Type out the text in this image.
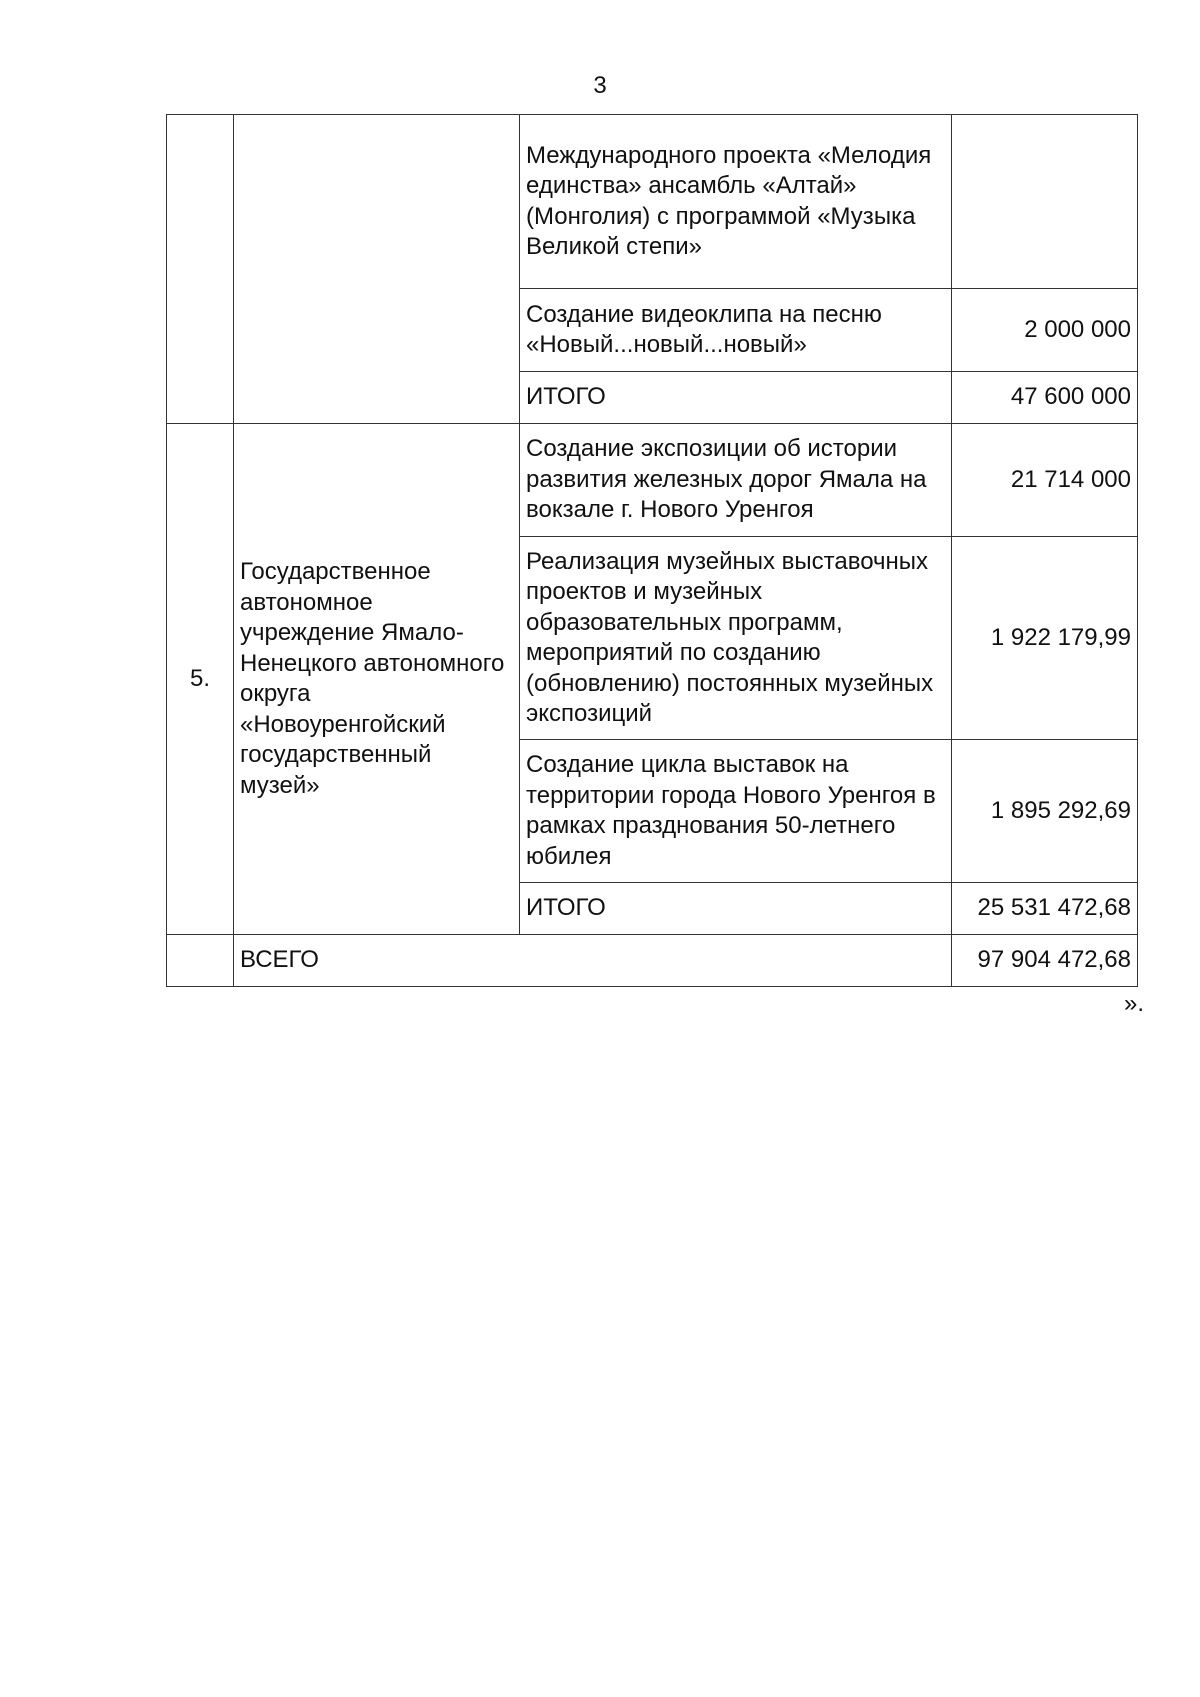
3
		Международного проекта «Мелодия единства» ансамбль «Алтай» (Монголия) с программой «Музыка Великой степи»	
		Создание видеоклипа на песню «Новый...новый...новый»	2 000 000
		ИТОГО	47 600 000
5.	Государственное автономное учреждение Ямало-Ненецкого автономного округа «Новоуренгойский государственный музей»	Создание экспозиции об истории развития железных дорог Ямала на вокзале г. Нового Уренгоя	21 714 000
		Реализация музейных выставочных проектов и музейных образовательных программ, мероприятий по созданию (обновлению) постоянных музейных экспозиций	1 922 179,99
		Создание цикла выставок на территории города Нового Уренгоя в рамках празднования 50-летнего юбилея	1 895 292,69
		ИТОГО	25 531 472,68
	ВСЕГО		97 904 472,68
».
